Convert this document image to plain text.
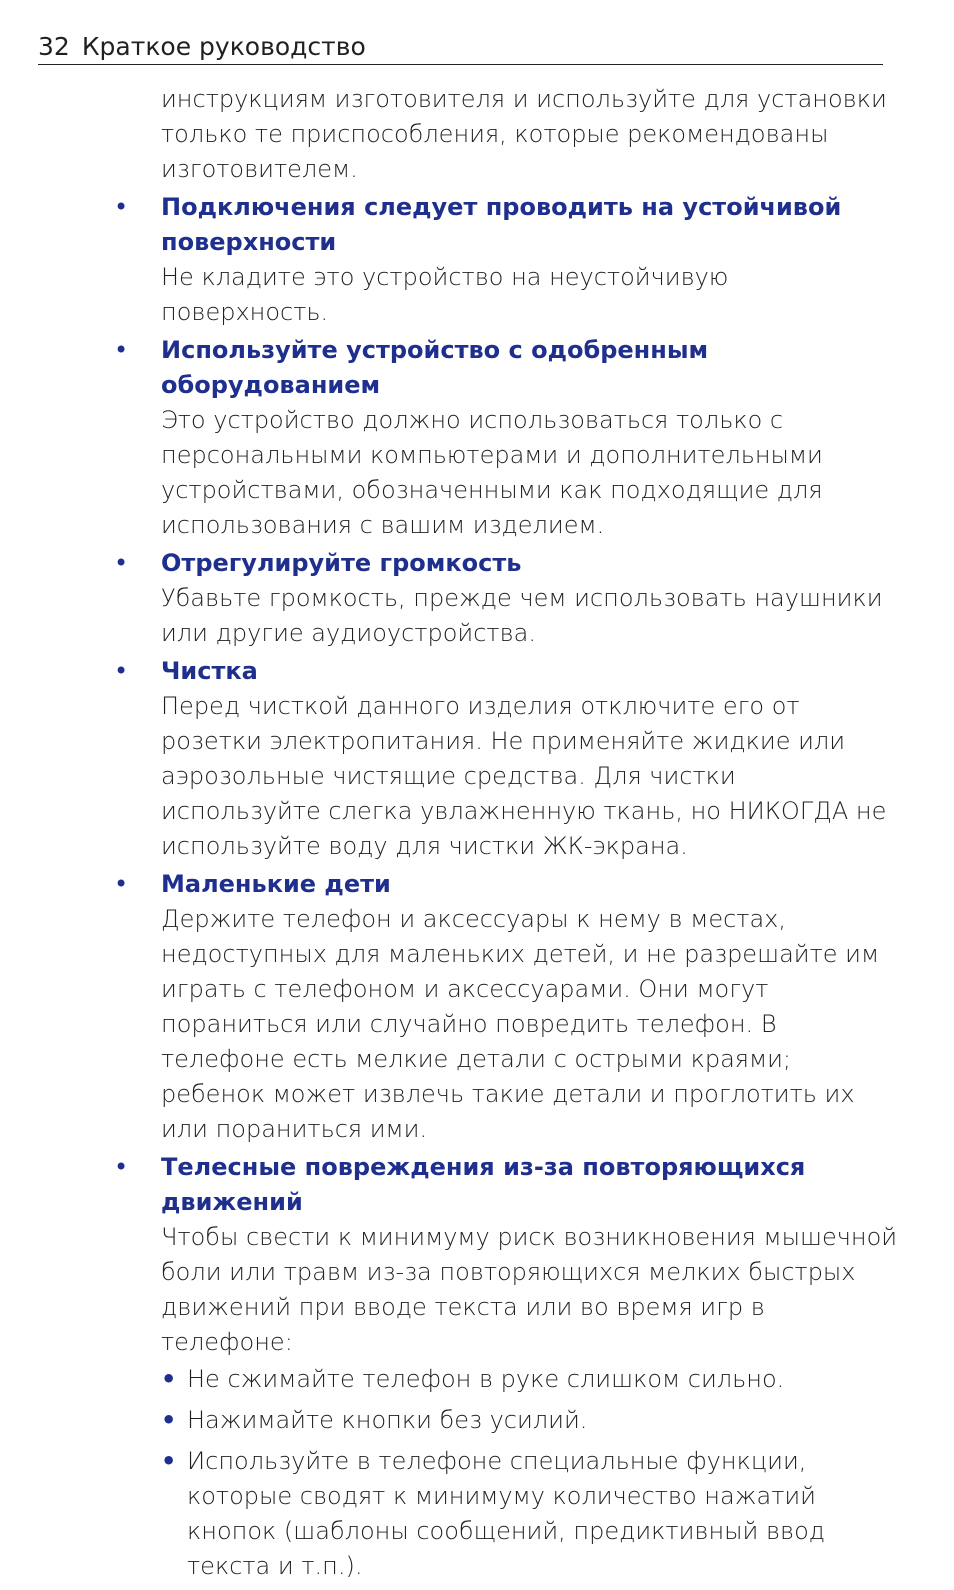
32 Краткое руководство
инструкциям изготовителя и используйте для установки только те приспособления, которые рекомендованы изготовителем.
• Подключения следует проводить на устойчивой поверхности
Не кладите это устройство на неустойчивую поверхность.
• Используйте устройство с одобренным оборудованием
Это устройство должно использоваться только с персональными компьютерами и дополнительными устройствами, обозначенными как подходящие для использования с вашим изделием.
• Отрегулируйте громкость
Убавьте громкость, прежде чем использовать наушники или другие аудиоустройства.
• Чистка
Перед чисткой данного изделия отключите его от розетки электропитания. Не применяйте жидкие или аэрозольные чистящие средства. Для чистки используйте слегка увлажненную ткань, но НИКОГДА не используйте воду для чистки ЖК-экрана.
• Маленькие дети
Держите телефон и аксессуары к нему в местах, недоступных для маленьких детей, и не разрешайте им играть с телефоном и аксессуарами. Они могут пораниться или случайно повредить телефон. В телефоне есть мелкие детали с острыми краями; ребенок может извлечь такие детали и проглотить их или пораниться ими.
• Телесные повреждения из-за повторяющихся движений
Чтобы свести к минимуму риск возникновения мышечной боли или травм из-за повторяющихся мелких быстрых движений при вводе текста или во время игр в телефоне:
• Не сжимайте телефон в руке слишком сильно.
• Нажимайте кнопки без усилий.
• Используйте в телефоне специальные функции, которые сводят к минимуму количество нажатий кнопок (шаблоны сообщений, предиктивный ввод текста и т.п.).
